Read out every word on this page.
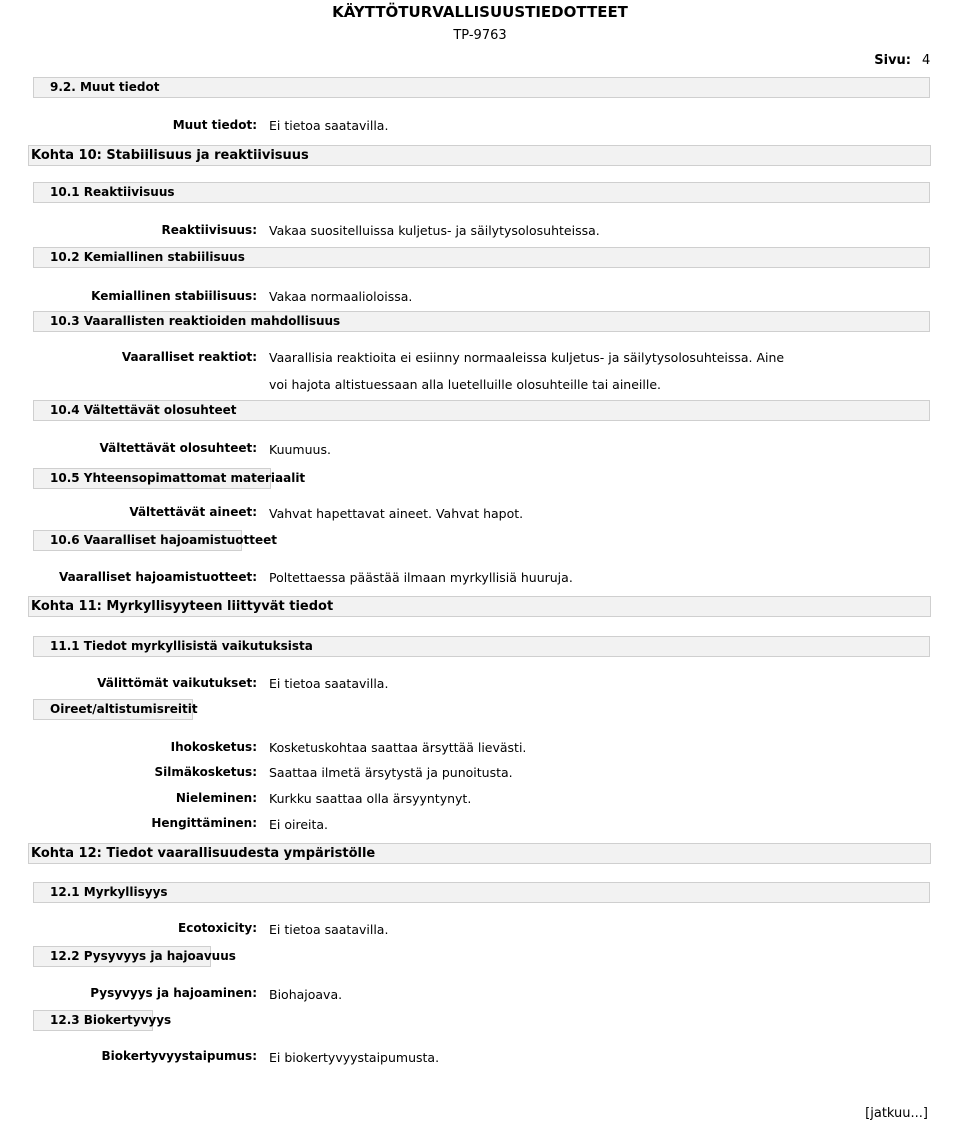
KÄYTTÖTURVALLISUUSTIEDOTTEET
TP-9763
Sivu: 4
9.2. Muut tiedot
Muut tiedot: Ei tietoa saatavilla.
Kohta 10: Stabiilisuus ja reaktiivisuus
10.1 Reaktiivisuus
Reaktiivisuus: Vakaa suositelluissa kuljetus- ja säilytysolosuhteissa.
10.2 Kemiallinen stabiilisuus
Kemiallinen stabiilisuus: Vakaa normaalioloissa.
10.3 Vaarallisten reaktioiden mahdollisuus
Vaaralliset reaktiot: Vaarallisia reaktioita ei esiinny normaaleissa kuljetus- ja säilytysolosuhteissa. Aine
voi hajota altistuessaan alla luetelluille olosuhteille tai aineille.
10.4 Vältettävät olosuhteet
Vältettävät olosuhteet: Kuumuus.
10.5 Yhteensopimattomat materiaalit
Vältettävät aineet: Vahvat hapettavat aineet. Vahvat hapot.
10.6 Vaaralliset hajoamistuotteet
Vaaralliset hajoamistuotteet: Poltettaessa päästää ilmaan myrkyllisiä huuruja.
Kohta 11: Myrkyllisyyteen liittyvät tiedot
11.1 Tiedot myrkyllisistä vaikutuksista
Välittömät vaikutukset: Ei tietoa saatavilla.
Oireet/altistumisreitit
Ihokosketus: Kosketuskohtaa saattaa ärsyttää lievästi.
Silmäkosketus: Saattaa ilmetä ärsytystä ja punoitusta.
Nieleminen: Kurkku saattaa olla ärsyyntynyt.
Hengittäminen: Ei oireita.
Kohta 12: Tiedot vaarallisuudesta ympäristölle
12.1 Myrkyllisyys
Ecotoxicity: Ei tietoa saatavilla.
12.2 Pysyvyys ja hajoavuus
Pysyvyys ja hajoaminen: Biohajoava.
12.3 Biokertyvyys
Biokertyvyystaipumus: Ei biokertyvyystaipumusta.
[jatkuu...]
